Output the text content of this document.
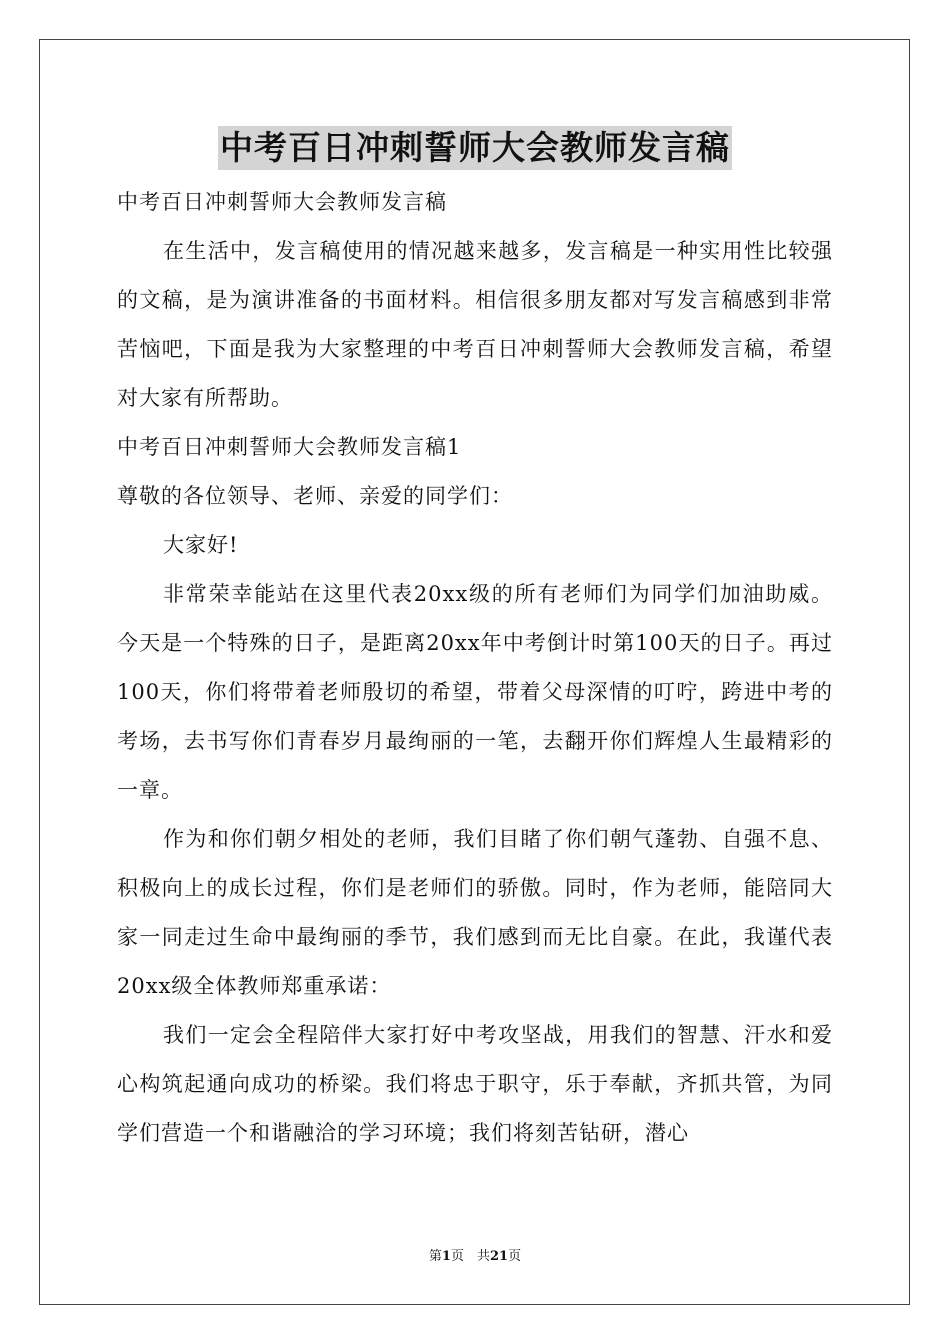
中考百日冲刺誓师大会教师发言稿

中考百日冲刺誓师大会教师发言稿

在生活中，发言稿使用的情况越来越多，发言稿是一种实用性比较强的文稿，是为演讲准备的书面材料。相信很多朋友都对写发言稿感到非常苦恼吧，下面是我为大家整理的中考百日冲刺誓师大会教师发言稿，希望对大家有所帮助。

中考百日冲刺誓师大会教师发言稿1

尊敬的各位领导、老师、亲爱的同学们：

大家好!

非常荣幸能站在这里代表20xx级的所有老师们为同学们加油助威。今天是一个特殊的日子，是距离20xx年中考倒计时第100天的日子。再过100天，你们将带着老师殷切的希望，带着父母深情的叮咛，跨进中考的考场，去书写你们青春岁月最绚丽的一笔，去翻开你们辉煌人生最精彩的一章。

作为和你们朝夕相处的老师，我们目睹了你们朝气蓬勃、自强不息、积极向上的成长过程，你们是老师们的骄傲。同时，作为老师，能陪同大家一同走过生命中最绚丽的季节，我们感到而无比自豪。在此，我谨代表20xx级全体教师郑重承诺：

我们一定会全程陪伴大家打好中考攻坚战，用我们的智慧、汗水和爱心构筑起通向成功的桥梁。我们将忠于职守，乐于奉献，齐抓共管，为同学们营造一个和谐融洽的学习环境；我们将刻苦钻研，潜心

第1页　共21页
